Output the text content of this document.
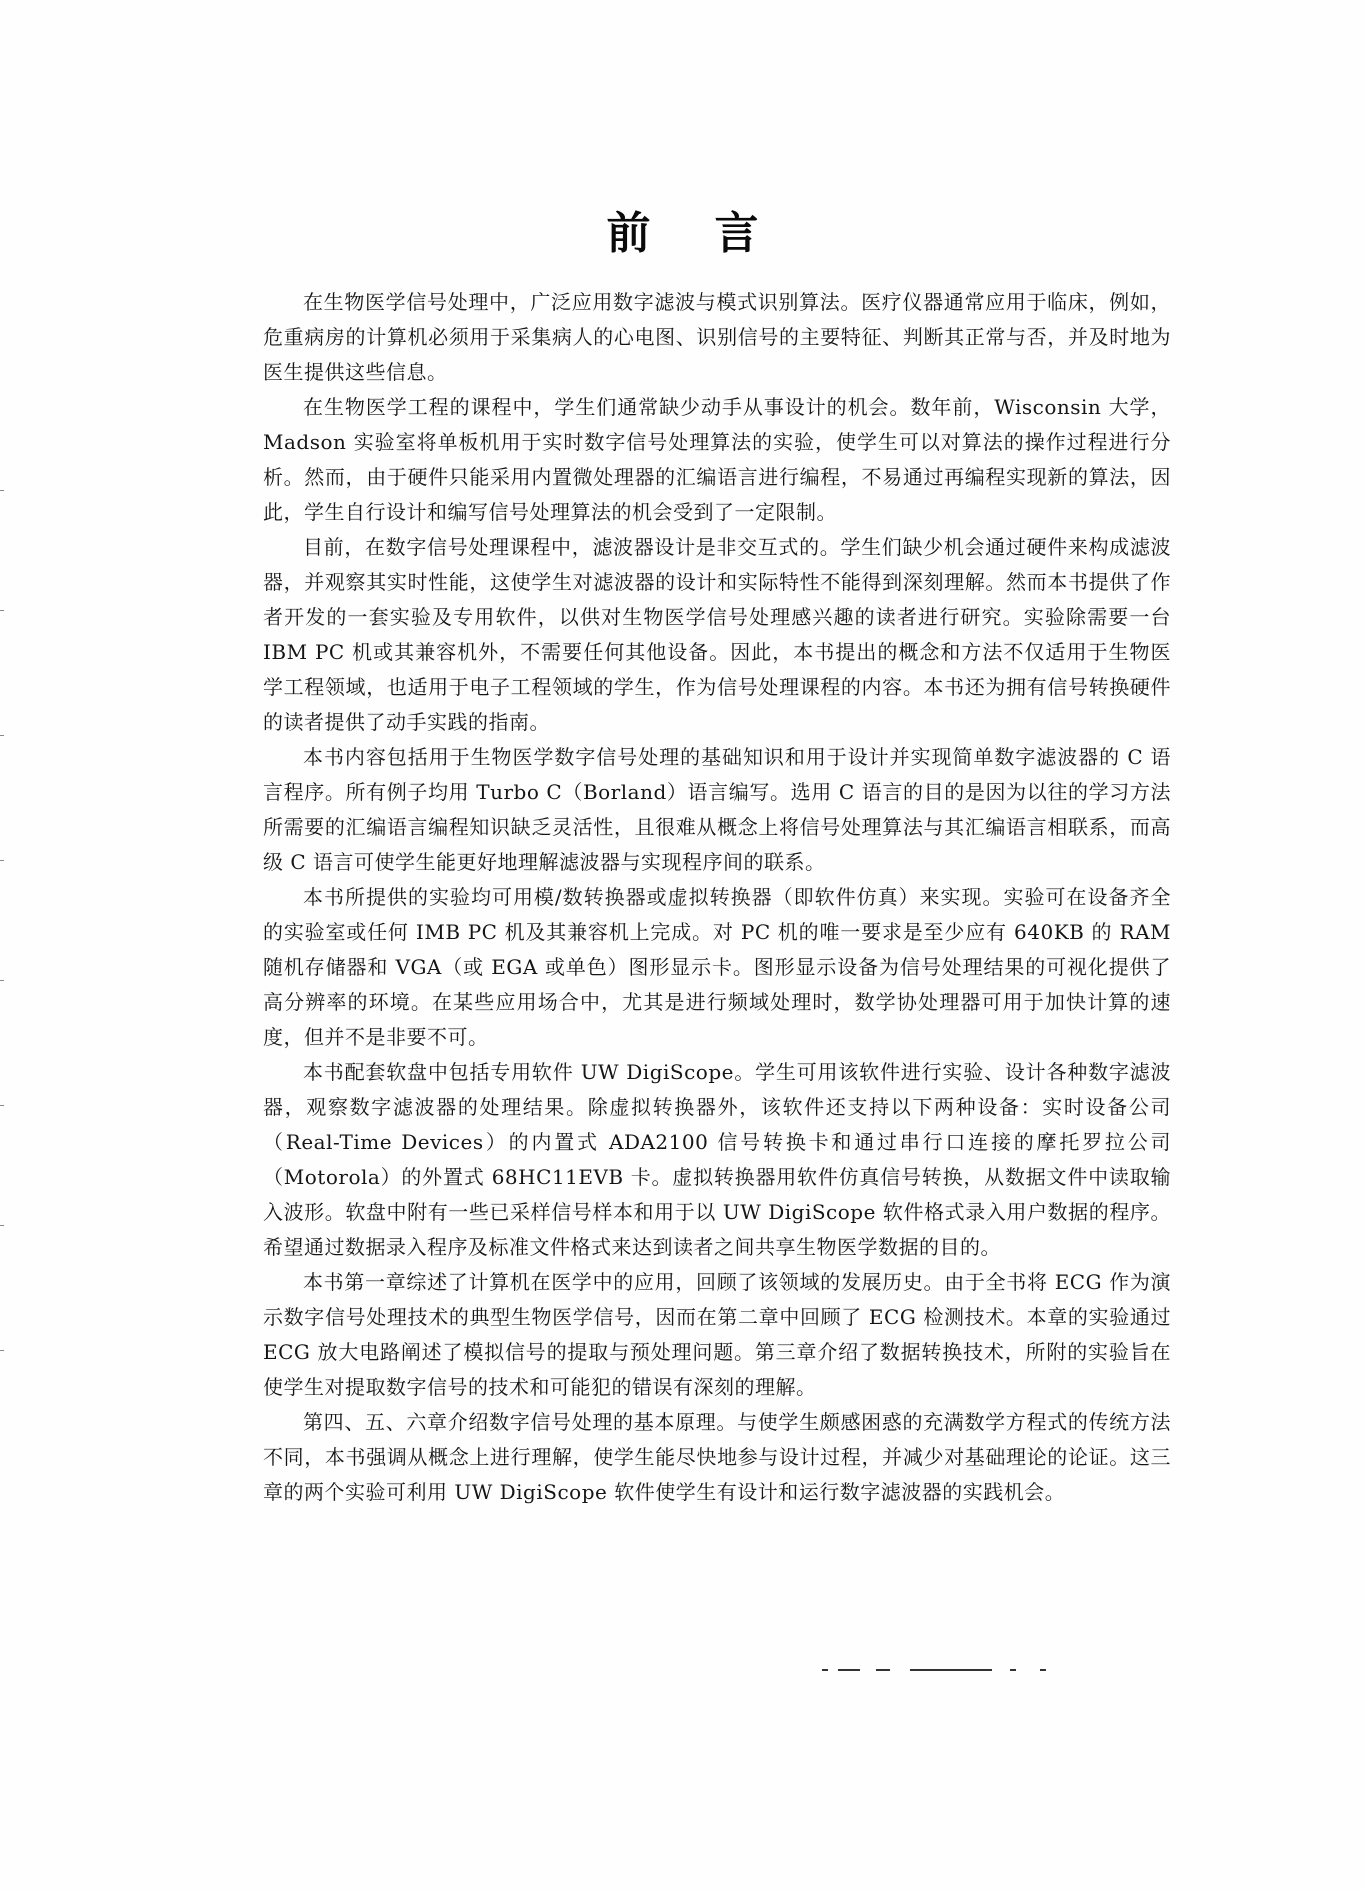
前言

在生物医学信号处理中，广泛应用数字滤波与模式识别算法。医疗仪器通常应用于临床，例如，危重病房的计算机必须用于采集病人的心电图、识别信号的主要特征、判断其正常与否，并及时地为医生提供这些信息。

在生物医学工程的课程中，学生们通常缺少动手从事设计的机会。数年前，Wisconsin 大学，Madson 实验室将单板机用于实时数字信号处理算法的实验，使学生可以对算法的操作过程进行分析。然而，由于硬件只能采用内置微处理器的汇编语言进行编程，不易通过再编程实现新的算法，因此，学生自行设计和编写信号处理算法的机会受到了一定限制。

目前，在数字信号处理课程中，滤波器设计是非交互式的。学生们缺少机会通过硬件来构成滤波器，并观察其实时性能，这使学生对滤波器的设计和实际特性不能得到深刻理解。然而本书提供了作者开发的一套实验及专用软件，以供对生物医学信号处理感兴趣的读者进行研究。实验除需要一台 IBM PC 机或其兼容机外，不需要任何其他设备。因此，本书提出的概念和方法不仅适用于生物医学工程领域，也适用于电子工程领域的学生，作为信号处理课程的内容。本书还为拥有信号转换硬件的读者提供了动手实践的指南。

本书内容包括用于生物医学数字信号处理的基础知识和用于设计并实现简单数字滤波器的 C 语言程序。所有例子均用 Turbo C（Borland）语言编写。选用 C 语言的目的是因为以往的学习方法所需要的汇编语言编程知识缺乏灵活性，且很难从概念上将信号处理算法与其汇编语言相联系，而高级 C 语言可使学生能更好地理解滤波器与实现程序间的联系。

本书所提供的实验均可用模/数转换器或虚拟转换器（即软件仿真）来实现。实验可在设备齐全的实验室或任何 IMB PC 机及其兼容机上完成。对 PC 机的唯一要求是至少应有 640KB 的 RAM 随机存储器和 VGA（或 EGA 或单色）图形显示卡。图形显示设备为信号处理结果的可视化提供了高分辨率的环境。在某些应用场合中，尤其是进行频域处理时，数学协处理器可用于加快计算的速度，但并不是非要不可。

本书配套软盘中包括专用软件 UW DigiScope。学生可用该软件进行实验、设计各种数字滤波器，观察数字滤波器的处理结果。除虚拟转换器外，该软件还支持以下两种设备：实时设备公司（Real-Time Devices）的内置式 ADA2100 信号转换卡和通过串行口连接的摩托罗拉公司（Motorola）的外置式 68HC11EVB 卡。虚拟转换器用软件仿真信号转换，从数据文件中读取输入波形。软盘中附有一些已采样信号样本和用于以 UW DigiScope 软件格式录入用户数据的程序。希望通过数据录入程序及标准文件格式来达到读者之间共享生物医学数据的目的。

本书第一章综述了计算机在医学中的应用，回顾了该领域的发展历史。由于全书将 ECG 作为演示数字信号处理技术的典型生物医学信号，因而在第二章中回顾了 ECG 检测技术。本章的实验通过 ECG 放大电路阐述了模拟信号的提取与预处理问题。第三章介绍了数据转换技术，所附的实验旨在使学生对提取数字信号的技术和可能犯的错误有深刻的理解。

第四、五、六章介绍数字信号处理的基本原理。与使学生颇感困惑的充满数学方程式的传统方法不同，本书强调从概念上进行理解，使学生能尽快地参与设计过程，并减少对基础理论的论证。这三章的两个实验可利用 UW DigiScope 软件使学生有设计和运行数字滤波器的实践机会。
